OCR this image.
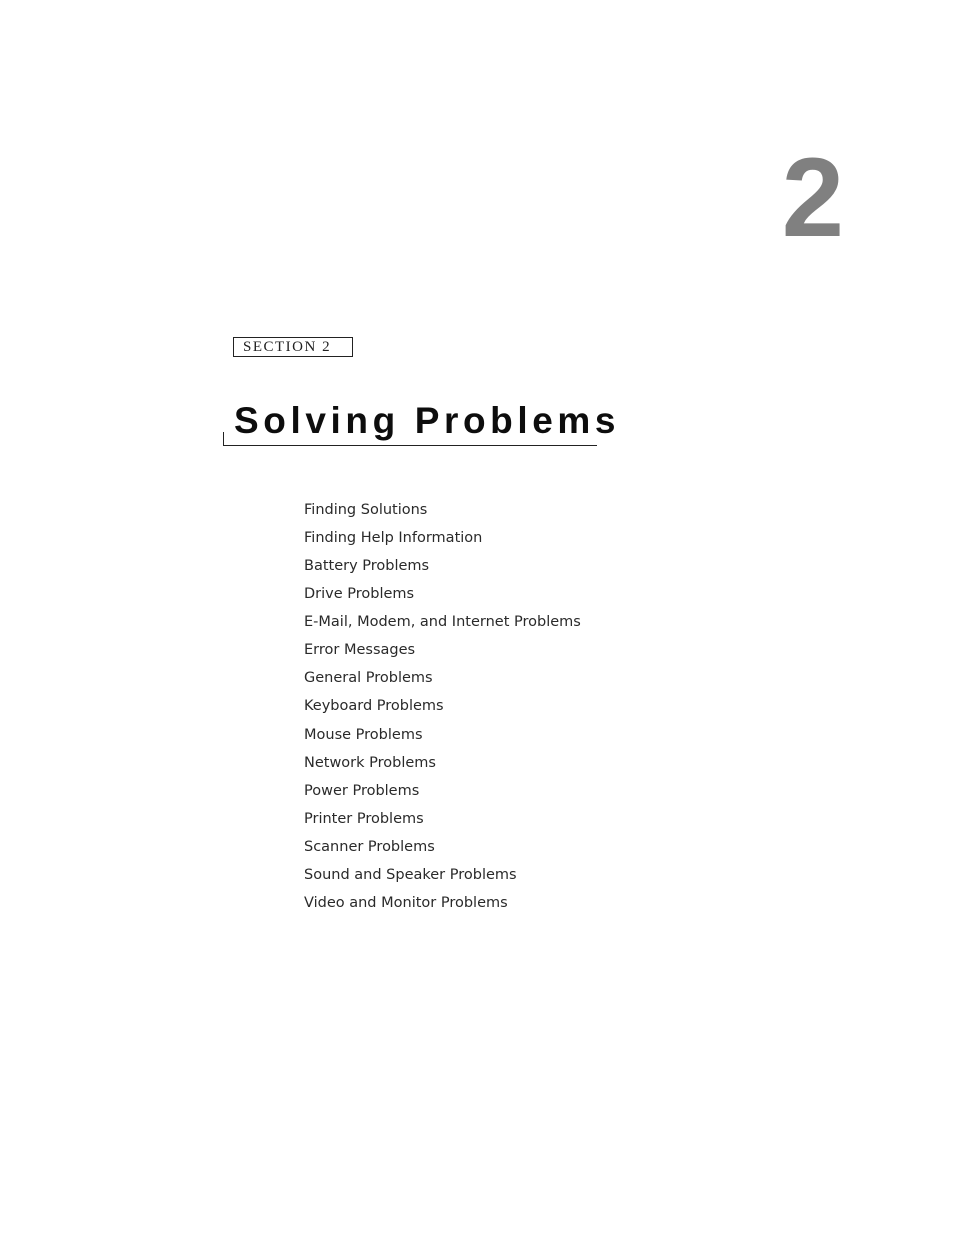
2
SECTION 2
Solving Problems
Finding Solutions
Finding Help Information
Battery Problems
Drive Problems
E-Mail, Modem, and Internet Problems
Error Messages
General Problems
Keyboard Problems
Mouse Problems
Network Problems
Power Problems
Printer Problems
Scanner Problems
Sound and Speaker Problems
Video and Monitor Problems
